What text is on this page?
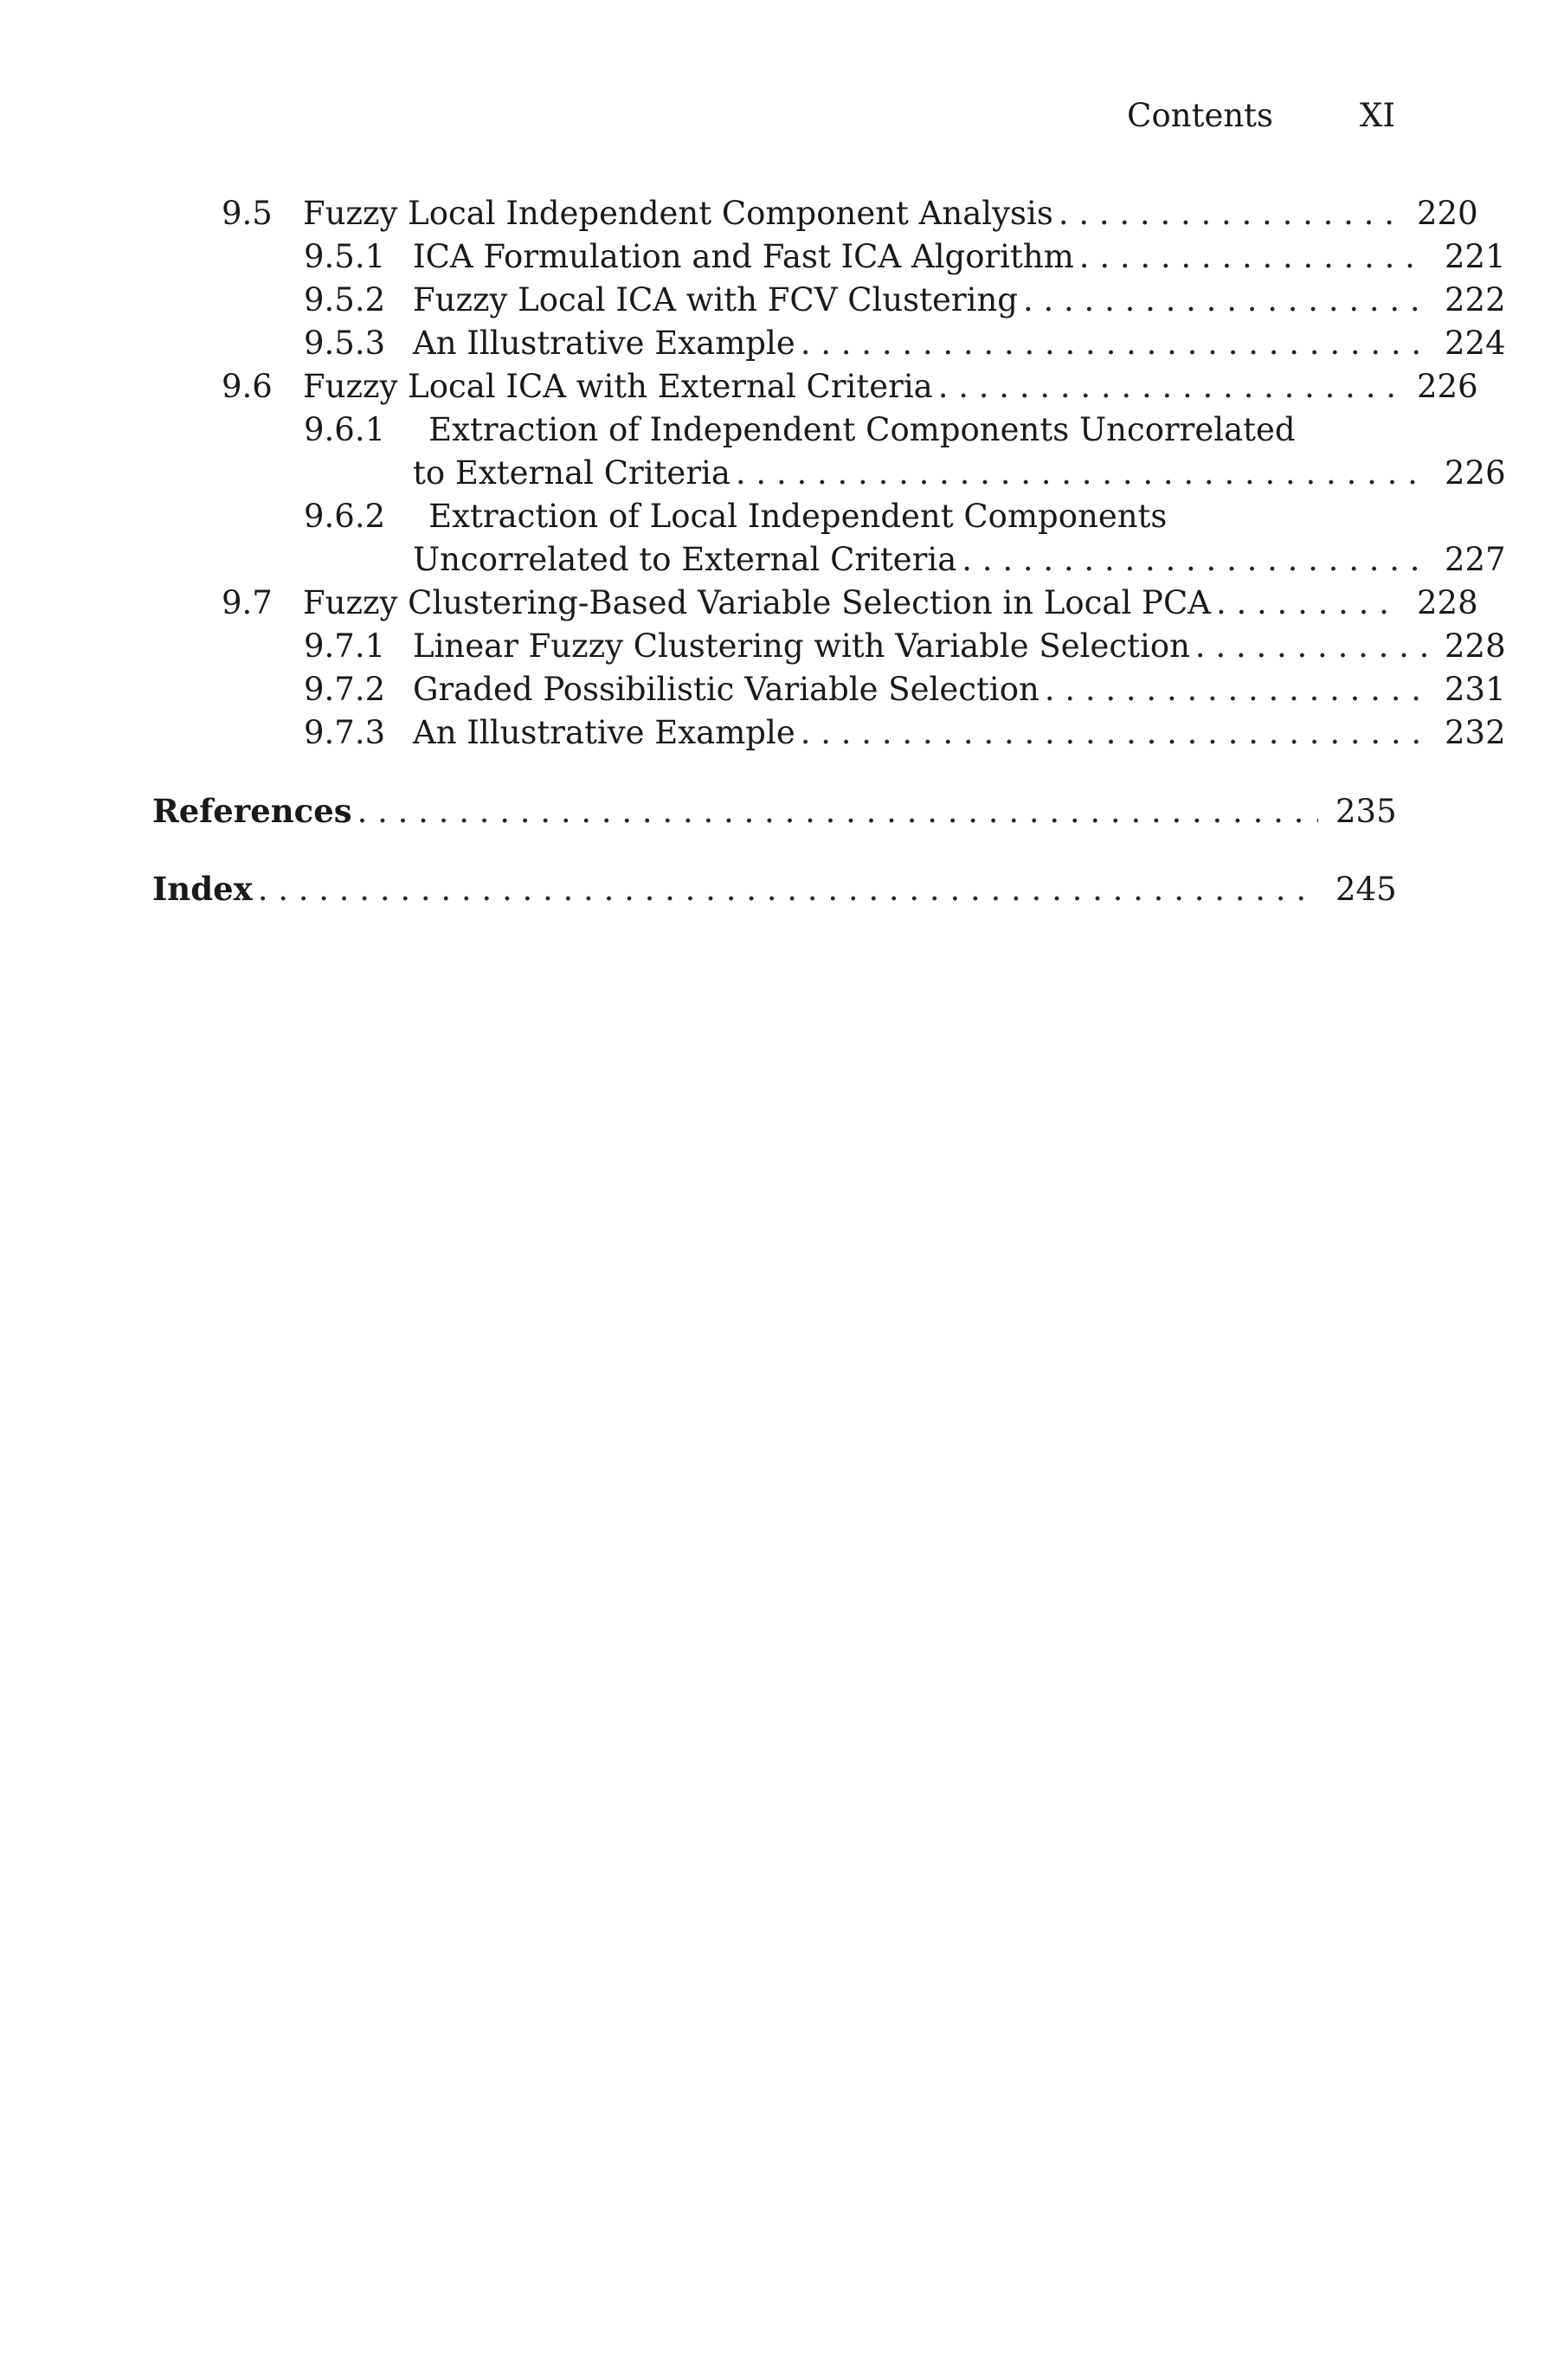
Contents	XI
9.5 Fuzzy Local Independent Component Analysis . . .	220
9.5.1 ICA Formulation and Fast ICA Algorithm . . .	221
9.5.2 Fuzzy Local ICA with FCV Clustering . . .	222
9.5.3 An Illustrative Example . . .	224
9.6 Fuzzy Local ICA with External Criteria . . .	226
9.6.1 Extraction of Independent Components Uncorrelated
to External Criteria . . .	226
9.6.2 Extraction of Local Independent Components
Uncorrelated to External Criteria . . .	227
9.7 Fuzzy Clustering-Based Variable Selection in Local PCA . . .	228
9.7.1 Linear Fuzzy Clustering with Variable Selection . . .	228
9.7.2 Graded Possibilistic Variable Selection . . .	231
9.7.3 An Illustrative Example . . .	232
References . . .	235
Index . . .	245
